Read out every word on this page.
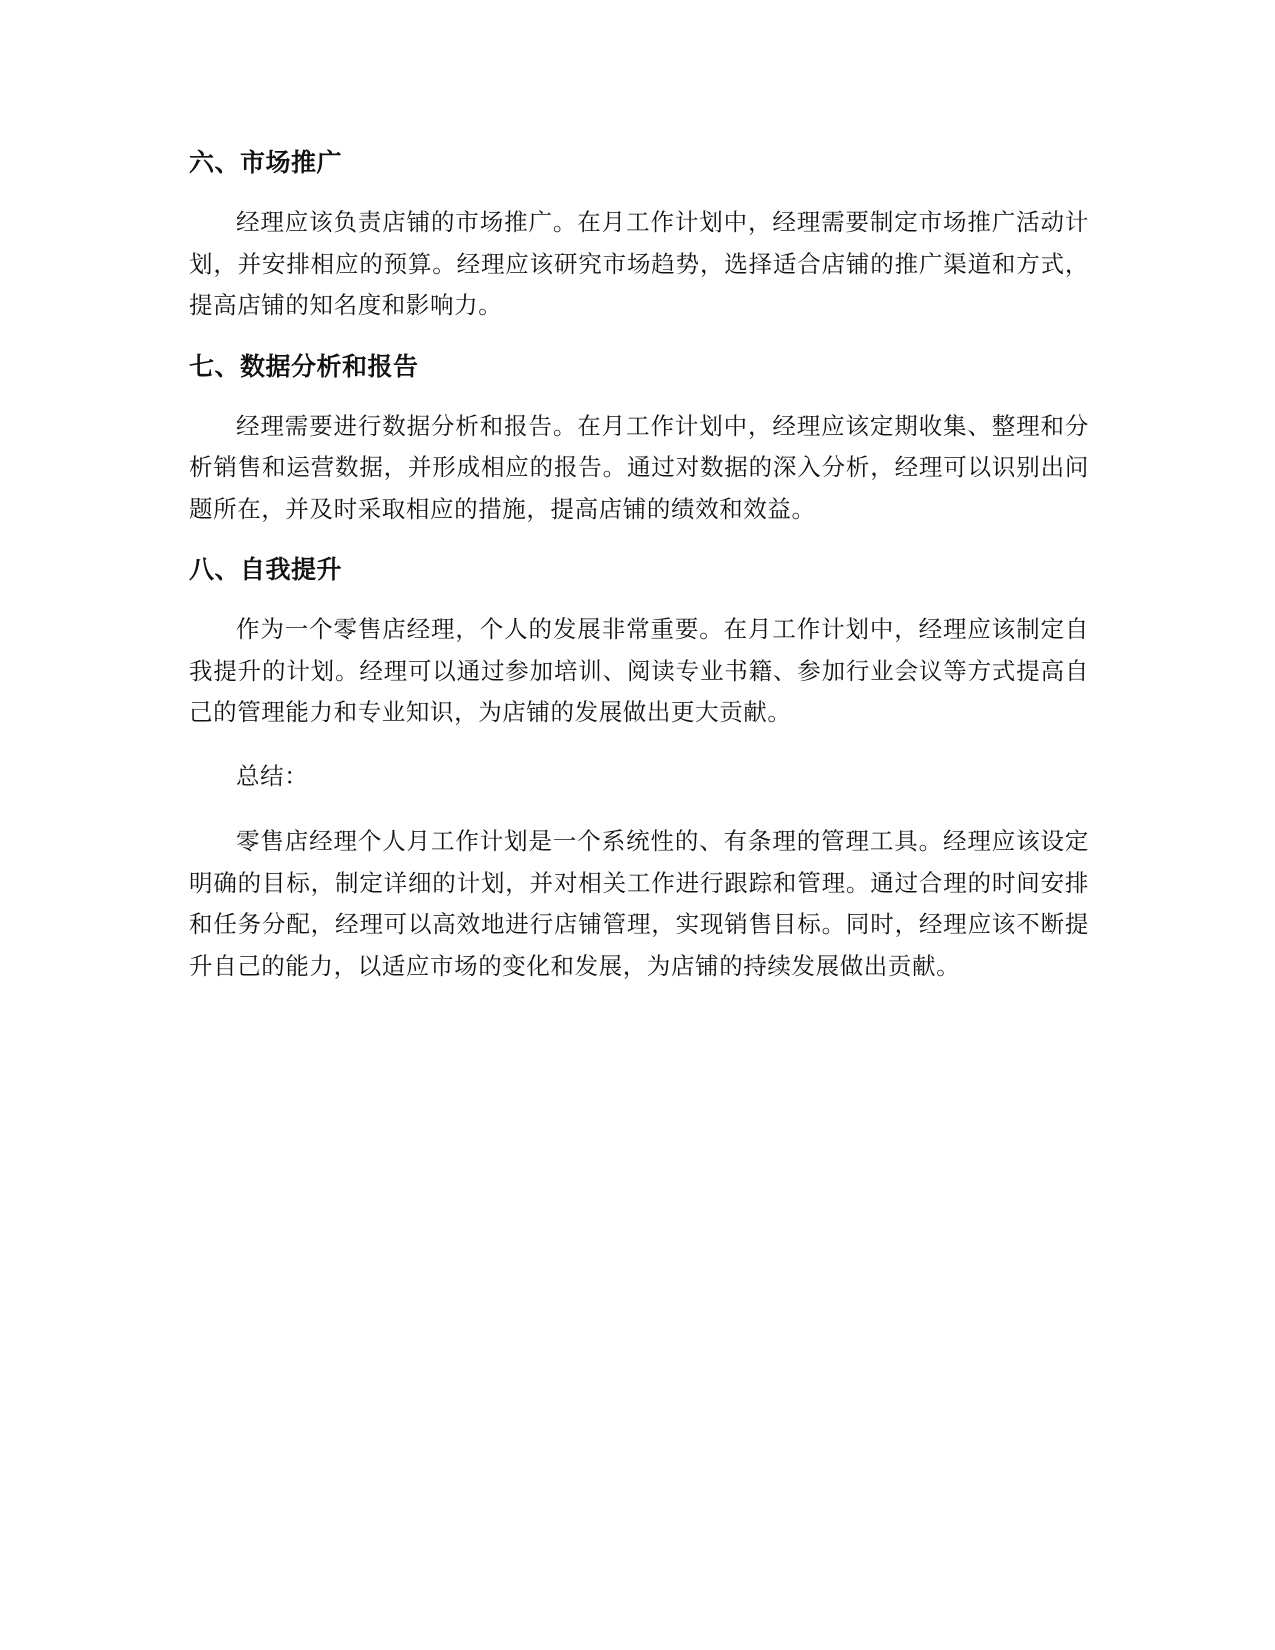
六、市场推广

经理应该负责店铺的市场推广。在月工作计划中，经理需要制定市场推广活动计划，并安排相应的预算。经理应该研究市场趋势，选择适合店铺的推广渠道和方式，提高店铺的知名度和影响力。

七、数据分析和报告

经理需要进行数据分析和报告。在月工作计划中，经理应该定期收集、整理和分析销售和运营数据，并形成相应的报告。通过对数据的深入分析，经理可以识别出问题所在，并及时采取相应的措施，提高店铺的绩效和效益。

八、自我提升

作为一个零售店经理，个人的发展非常重要。在月工作计划中，经理应该制定自我提升的计划。经理可以通过参加培训、阅读专业书籍、参加行业会议等方式提高自己的管理能力和专业知识，为店铺的发展做出更大贡献。

总结：

零售店经理个人月工作计划是一个系统性的、有条理的管理工具。经理应该设定明确的目标，制定详细的计划，并对相关工作进行跟踪和管理。通过合理的时间安排和任务分配，经理可以高效地进行店铺管理，实现销售目标。同时，经理应该不断提升自己的能力，以适应市场的变化和发展，为店铺的持续发展做出贡献。
